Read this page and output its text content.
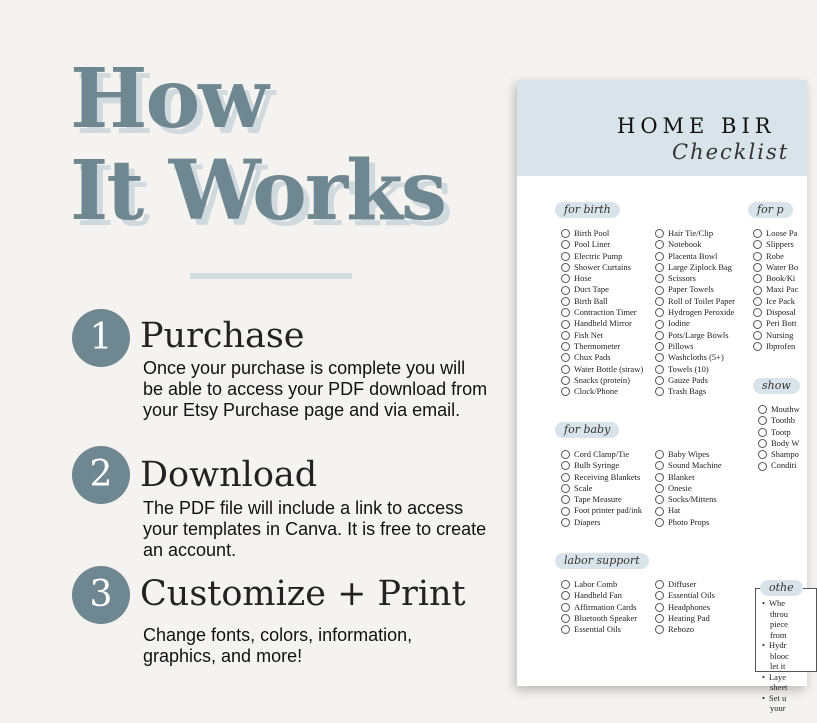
How
It Works
1 Purchase
Once your purchase is complete you will be able to access your PDF download from your Etsy Purchase page and via email.
2 Download
The PDF file will include a link to access your templates in Canva. It is free to create an account.
3 Customize + Print
Change fonts, colors, information, graphics, and more!
HOME BIR
Checklist
for birth
Birth Pool
Pool Liner
Electric Pump
Shower Curtains
Hose
Duct Tape
Birth Ball
Contraction Timer
Handheld Mirror
Fish Net
Thermometer
Chux Pads
Water Bottle (straw)
Snacks (protein)
Clock/Phone
Hair Tie/Clip
Notebook
Placenta Bowl
Large Ziplock Bag
Scissors
Paper Towels
Roll of Toilet Paper
Hydrogen Peroxide
Iodine
Pots/Large Bowls
Pillows
Washcloths (5+)
Towels (10)
Gauze Pads
Trash Bags
for p
Loose Pa
Slippers
Robe
Water Bo
Book/Ki
Maxi Pac
Ice Pack
Disposal
Peri Bott
Nursing
Ibprofen
for baby
Cord Clamp/Tie
Bulb Syringe
Receiving Blankets
Scale
Tape Measure
Foot printer pad/ink
Diapers
Baby Wipes
Sound Machine
Blanket
Onesie
Socks/Mittens
Hat
Photo Props
show
Mouthw
Toothb
Tootp
Body W
Shampo
Conditi
labor support
Labor Comb
Handheld Fan
Affirmation Cards
Bluetooth Speaker
Essential Oils
Diffuser
Essential Oils
Headphones
Heating Pad
Rebozo
othe
• Whe
throu
piece
from
• Hydr
blooc
let it
• Laye
sheet
• Set u
your
